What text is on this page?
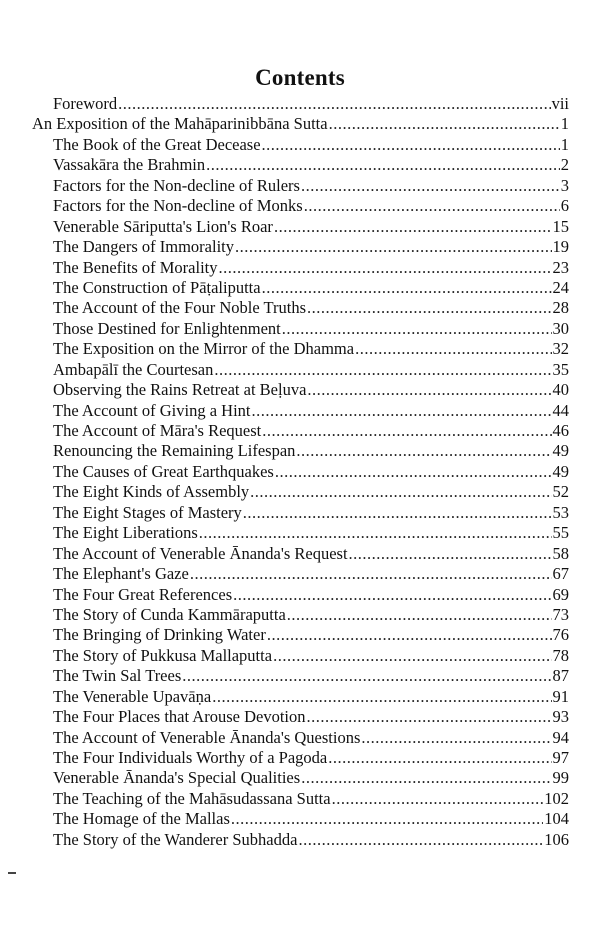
Contents
Foreword .....	vii
An Exposition of the Mahāparinibbāna Sutta .....	1
The Book of the Great Decease .....	1
Vassakāra the Brahmin .....	2
Factors for the Non-decline of Rulers .....	3
Factors for the Non-decline of Monks .....	6
Venerable Sāriputta's Lion's Roar .....	15
The Dangers of Immorality .....	19
The Benefits of Morality .....	23
The Construction of Pāṭaliputta .....	24
The Account of the Four Noble Truths .....	28
Those Destined for Enlightenment .....	30
The Exposition on the Mirror of the Dhamma .....	32
Ambapālī the Courtesan .....	35
Observing the Rains Retreat at Beḷuva .....	40
The Account of Giving a Hint .....	44
The Account of Māra's Request .....	46
Renouncing the Remaining Lifespan .....	49
The Causes of Great Earthquakes .....	49
The Eight Kinds of Assembly .....	52
The Eight Stages of Mastery .....	53
The Eight Liberations .....	55
The Account of Venerable Ānanda's Request .....	58
The Elephant's Gaze .....	67
The Four Great References .....	69
The Story of Cunda Kammāraputta .....	73
The Bringing of Drinking Water .....	76
The Story of Pukkusa Mallaputta .....	78
The Twin Sal Trees .....	87
The Venerable Upavāṇa .....	91
The Four Places that Arouse Devotion .....	93
The Account of Venerable Ānanda's Questions .....	94
The Four Individuals Worthy of a Pagoda .....	97
Venerable Ānanda's Special Qualities .....	99
The Teaching of the Mahāsudassana Sutta .....	102
The Homage of the Mallas .....	104
The Story of the Wanderer Subhadda .....	106
